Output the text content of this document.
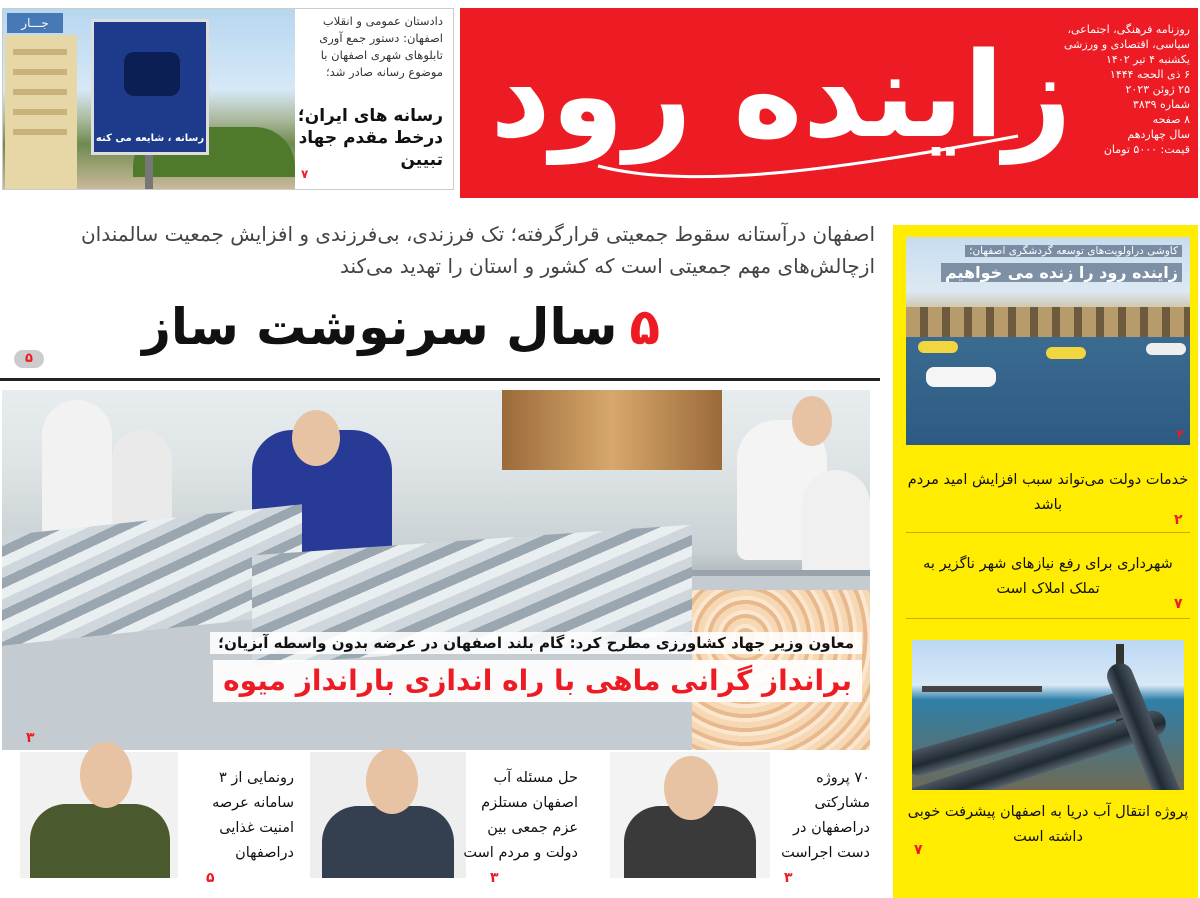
زاینده رود
روزنامه فرهنگی، اجتماعی،
سیاسی، اقتصادی و ورزشی
یکشنبه ۴ تیر ۱۴۰۲
۶ ذی الحجه ۱۴۴۴
۲۵ ژوئن ۲۰۲۳
شماره ۳۸۳۹
۸ صفحه
سال چهاردهم
قیمت: ۵۰۰۰ تومان
رسانه ، شایعه می کنه
جـــار	دادستان عمومی و انقلاب اصفهان: دستور جمع آوری تابلوهای شهری اصفهان با موضوع رسانه صادر شد؛
رسانه های ایران؛ درخط مقدم جهاد تبیین
۷
اصفهان درآستانه سقوط جمعیتی قرارگرفته؛ تک فرزندی، بی‌فرزندی و افزایش جمعیت سالمندان ازچالش‌های مهم جمعیتی است که کشور و استان را تهدید می‌کند
۵سال سرنوشت ساز
۵
معاون وزیر جهاد کشاورزی مطرح کرد: گام بلند اصفهان در عرضه بدون واسطه آبزیان؛
برانداز گرانی ماهی با راه اندازی بارانداز میوه
۳
۷۰ پروژه مشارکتی دراصفهان در دست اجراست
۳
حل مسئله آب اصفهان مستلزم عزم جمعی بین دولت و مردم است
۳
رونمایی از ۳ سامانه عرصه امنیت غذایی دراصفهان
۵
کاوشی دراولویت‌های توسعه گردشگری اصفهان؛
زاینده رود را زنده می خواهیم
۴
خدمات دولت می‌تواند سبب افزایش امید مردم باشد
۲
شهرداری برای رفع نیازهای شهر ناگزیر به تملک املاک است
۷
پروژه انتقال آب دریا به اصفهان پیشرفت خوبی داشته است
۷
